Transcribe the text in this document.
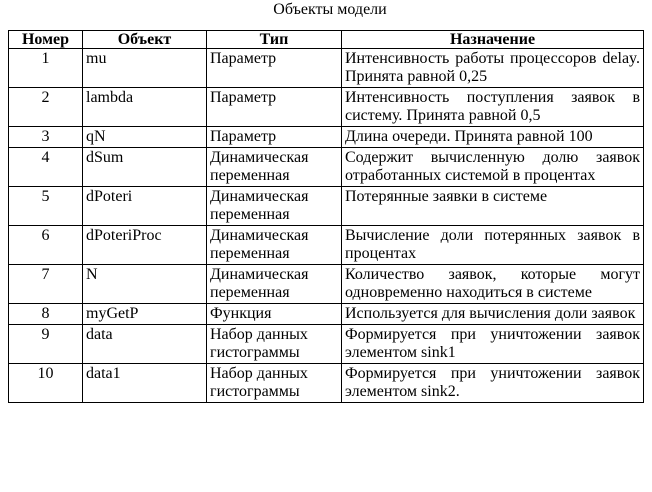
Объекты модели
Номер	Объект	Тип	Назначение
1	mu	Параметр	Интенсивность работы процессоров delay. Принята равной 0,25
2	lambda	Параметр	Интенсивность поступления заявок в систему. Принята равной 0,5
3	qN	Параметр	Длина очереди. Принята равной 100
4	dSum	Динамическая переменная	Содержит вычисленную долю заявок отработанных системой в процентах
5	dPoteri	Динамическая переменная	Потерянные заявки в системе
6	dPoteriProc	Динамическая переменная	Вычисление доли потерянных заявок в процентах
7	N	Динамическая переменная	Количество заявок, которые могут одновременно находиться в системе
8	myGetP	Функция	Используется для вычисления доли заявок
9	data	Набор данных гистограммы	Формируется при уничтожении заявок элементом sink1
10	data1	Набор данных гистограммы	Формируется при уничтожении заявок элементом sink2.
